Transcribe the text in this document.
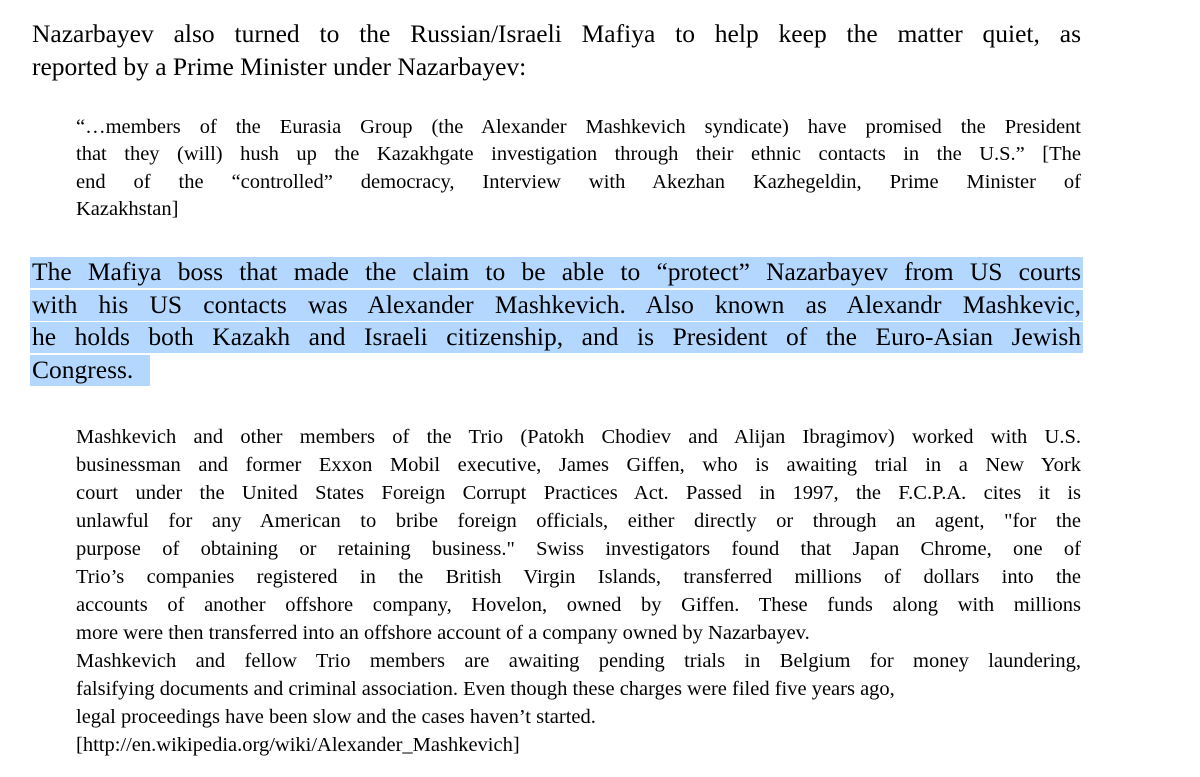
Nazarbayev also turned to the Russian/Israeli Mafiya to help keep the matter quiet, as
reported by a Prime Minister under Nazarbayev:
“…members of the Eurasia Group (the Alexander Mashkevich syndicate) have promised the President
that they (will) hush up the Kazakhgate investigation through their ethnic contacts in the U.S.” [The
end of the “controlled” democracy, Interview with Akezhan Kazhegeldin, Prime Minister of
Kazakhstan]
The Mafiya boss that made the claim to be able to “protect” Nazarbayev from US courts
with his US contacts was Alexander Mashkevich. Also known as Alexandr Mashkevic,
he holds both Kazakh and Israeli citizenship, and is President of the Euro-Asian Jewish
Congress.
Mashkevich and other members of the Trio (Patokh Chodiev and Alijan Ibragimov) worked with U.S.
businessman and former Exxon Mobil executive, James Giffen, who is awaiting trial in a New York
court under the United States Foreign Corrupt Practices Act. Passed in 1997, the F.C.P.A. cites it is
unlawful for any American to bribe foreign officials, either directly or through an agent, "for the
purpose of obtaining or retaining business." Swiss investigators found that Japan Chrome, one of
Trio’s companies registered in the British Virgin Islands, transferred millions of dollars into the
accounts of another offshore company, Hovelon, owned by Giffen. These funds along with millions
more were then transferred into an offshore account of a company owned by Nazarbayev.
Mashkevich and fellow Trio members are awaiting pending trials in Belgium for money laundering,
falsifying documents and criminal association. Even though these charges were filed five years ago,
legal proceedings have been slow and the cases haven’t started.
[http://en.wikipedia.org/wiki/Alexander_Mashkevich]
